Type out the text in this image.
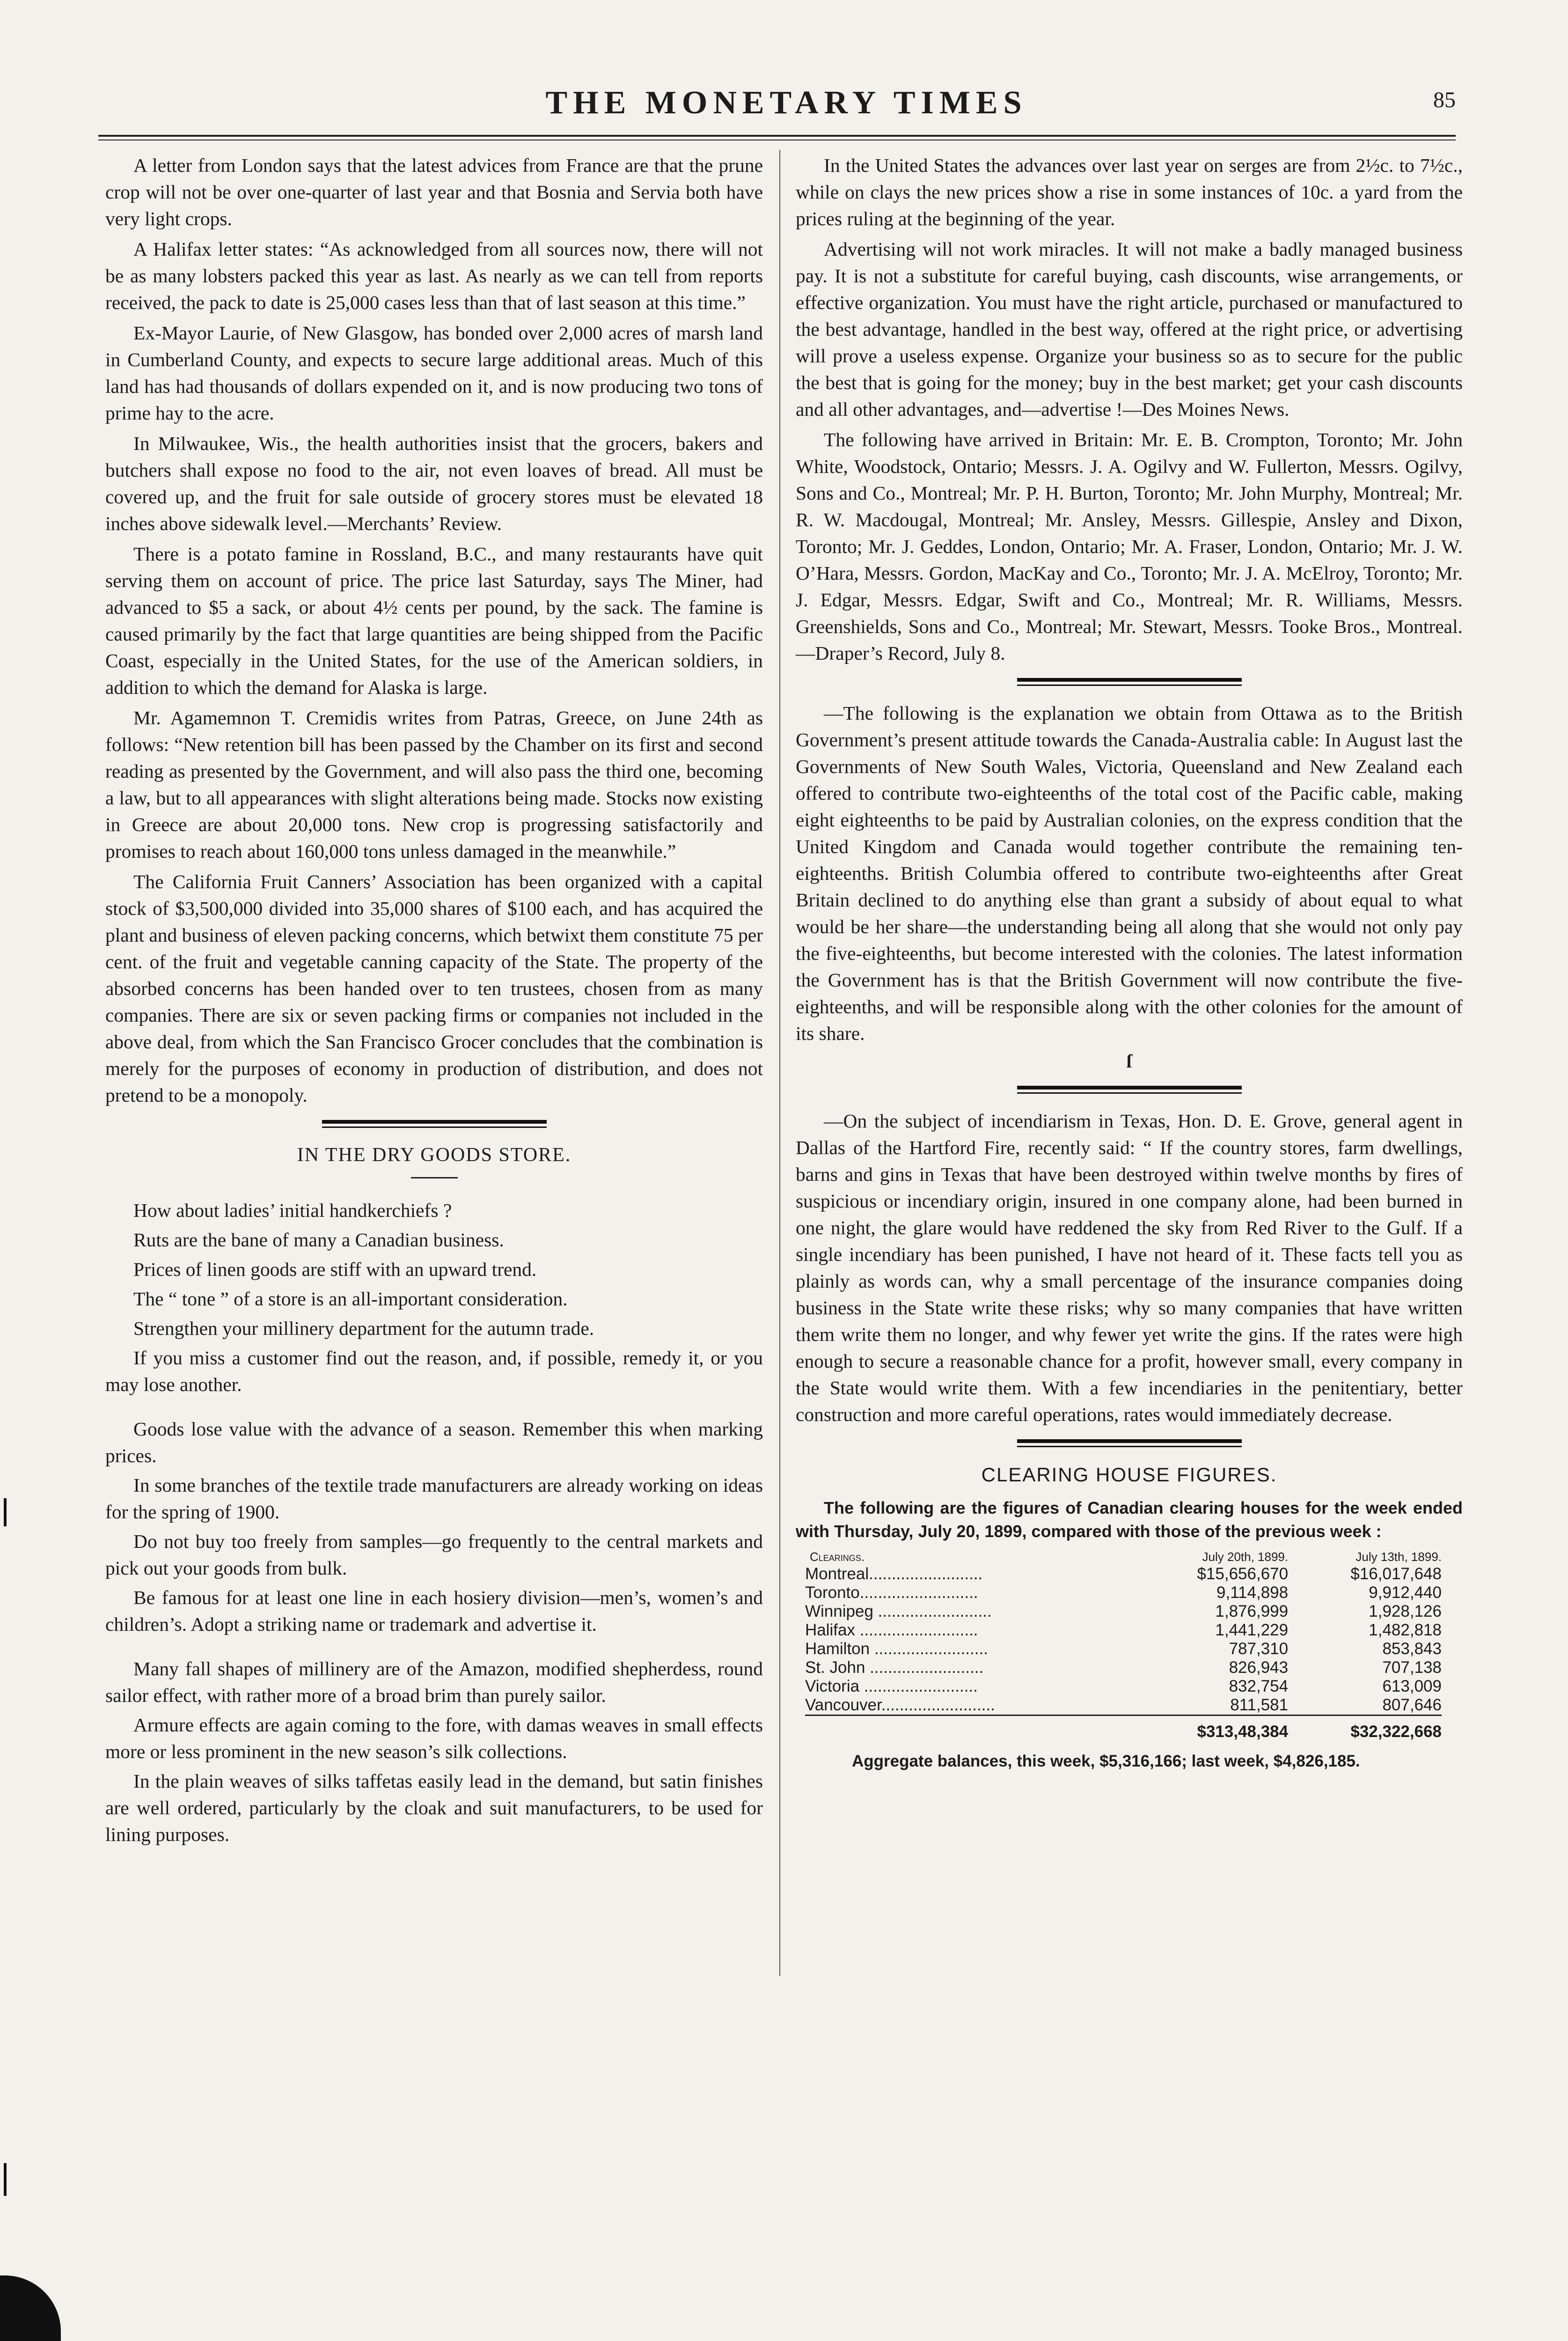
THE MONETARY TIMES	85

A letter from London says that the latest advices from France are that the prune crop will not be over one-quarter of last year and that Bosnia and Servia both have very light crops.

A Halifax letter states: “As acknowledged from all sources now, there will not be as many lobsters packed this year as last. As nearly as we can tell from reports received, the pack to date is 25,000 cases less than that of last season at this time.”

Ex-Mayor Laurie, of New Glasgow, has bonded over 2,000 acres of marsh land in Cumberland County, and expects to secure large additional areas. Much of this land has had thousands of dollars expended on it, and is now producing two tons of prime hay to the acre.

In Milwaukee, Wis., the health authorities insist that the grocers, bakers and butchers shall expose no food to the air, not even loaves of bread. All must be covered up, and the fruit for sale outside of grocery stores must be elevated 18 inches above sidewalk level.—Merchants’ Review.

There is a potato famine in Rossland, B.C., and many restaurants have quit serving them on account of price. The price last Saturday, says The Miner, had advanced to $5 a sack, or about 4½ cents per pound, by the sack. The famine is caused primarily by the fact that large quantities are being shipped from the Pacific Coast, especially in the United States, for the use of the American soldiers, in addition to which the demand for Alaska is large.

Mr. Agamemnon T. Cremidis writes from Patras, Greece, on June 24th as follows: “New retention bill has been passed by the Chamber on its first and second reading as presented by the Government, and will also pass the third one, becoming a law, but to all appearances with slight alterations being made. Stocks now existing in Greece are about 20,000 tons. New crop is progressing satisfactorily and promises to reach about 160,000 tons unless damaged in the meanwhile.”

The California Fruit Canners’ Association has been organized with a capital stock of $3,500,000 divided into 35,000 shares of $100 each, and has acquired the plant and business of eleven packing concerns, which betwixt them constitute 75 per cent. of the fruit and vegetable canning capacity of the State. The property of the absorbed concerns has been handed over to ten trustees, chosen from as many companies. There are six or seven packing firms or companies not included in the above deal, from which the San Francisco Grocer concludes that the combination is merely for the purposes of economy in production of distribution, and does not pretend to be a monopoly.

IN THE DRY GOODS STORE.

How about ladies’ initial handkerchiefs ?

Ruts are the bane of many a Canadian business.

Prices of linen goods are stiff with an upward trend.

The “ tone ” of a store is an all-important consideration.

Strengthen your millinery department for the autumn trade.

If you miss a customer find out the reason, and, if possible, remedy it, or you may lose another.

Goods lose value with the advance of a season. Remember this when marking prices.

In some branches of the textile trade manufacturers are already working on ideas for the spring of 1900.

Do not buy too freely from samples—go frequently to the central markets and pick out your goods from bulk.

Be famous for at least one line in each hosiery division—men’s, women’s and children’s. Adopt a striking name or trademark and advertise it.

Many fall shapes of millinery are of the Amazon, modified shepherdess, round sailor effect, with rather more of a broad brim than purely sailor.

Armure effects are again coming to the fore, with damas weaves in small effects more or less prominent in the new season’s silk collections.

In the plain weaves of silks taffetas easily lead in the demand, but satin finishes are well ordered, particularly by the cloak and suit manufacturers, to be used for lining purposes.

In the United States the advances over last year on serges are from 2½c. to 7½c., while on clays the new prices show a rise in some instances of 10c. a yard from the prices ruling at the beginning of the year.

Advertising will not work miracles. It will not make a badly managed business pay. It is not a substitute for careful buying, cash discounts, wise arrangements, or effective organization. You must have the right article, purchased or manufactured to the best advantage, handled in the best way, offered at the right price, or advertising will prove a useless expense. Organize your business so as to secure for the public the best that is going for the money; buy in the best market; get your cash discounts and all other advantages, and—advertise !—Des Moines News.

The following have arrived in Britain: Mr. E. B. Crompton, Toronto; Mr. John White, Woodstock, Ontario; Messrs. J. A. Ogilvy and W. Fullerton, Messrs. Ogilvy, Sons and Co., Montreal; Mr. P. H. Burton, Toronto; Mr. John Murphy, Montreal; Mr. R. W. Macdougal, Montreal; Mr. Ansley, Messrs. Gillespie, Ansley and Dixon, Toronto; Mr. J. Geddes, London, Ontario; Mr. A. Fraser, London, Ontario; Mr. J. W. O’Hara, Messrs. Gordon, MacKay and Co., Toronto; Mr. J. A. McElroy, Toronto; Mr. J. Edgar, Messrs. Edgar, Swift and Co., Montreal; Mr. R. Williams, Messrs. Greenshields, Sons and Co., Montreal; Mr. Stewart, Messrs. Tooke Bros., Montreal.—Draper’s Record, July 8.

—The following is the explanation we obtain from Ottawa as to the British Government’s present attitude towards the Canada-Australia cable: In August last the Governments of New South Wales, Victoria, Queensland and New Zealand each offered to contribute two-eighteenths of the total cost of the Pacific cable, making eight eighteenths to be paid by Australian colonies, on the express condition that the United Kingdom and Canada would together contribute the remaining ten-eighteenths. British Columbia offered to contribute two-eighteenths after Great Britain declined to do anything else than grant a subsidy of about equal to what would be her share—the understanding being all along that she would not only pay the five-eighteenths, but become interested with the colonies. The latest information the Government has is that the British Government will now contribute the five-eighteenths, and will be responsible along with the other colonies for the amount of its share.

ſ

—On the subject of incendiarism in Texas, Hon. D. E. Grove, general agent in Dallas of the Hartford Fire, recently said: “ If the country stores, farm dwellings, barns and gins in Texas that have been destroyed within twelve months by fires of suspicious or incendiary origin, insured in one company alone, had been burned in one night, the glare would have reddened the sky from Red River to the Gulf. If a single incendiary has been punished, I have not heard of it. These facts tell you as plainly as words can, why a small percentage of the insurance companies doing business in the State write these risks; why so many companies that have written them write them no longer, and why fewer yet write the gins. If the rates were high enough to secure a reasonable chance for a profit, however small, every company in the State would write them. With a few incendiaries in the penitentiary, better construction and more careful operations, rates would immediately decrease.

CLEARING HOUSE FIGURES.
The following are the figures of Canadian clearing houses for the week ended with Thursday, July 20, 1899, compared with those of the previous week :
Clearings.	July 20th, 1899.	July 13th, 1899.
Montreal.........................	$15,656,670	$16,017,648
Toronto..........................	9,114,898	9,912,440
Winnipeg .........................	1,876,999	1,928,126
Halifax ..........................	1,441,229	1,482,818
Hamilton .........................	787,310	853,843
St. John .........................	826,943	707,138
Victoria .........................	832,754	613,009
Vancouver.........................	811,581	807,646
	$313,48,384	$32,322,668
Aggregate balances, this week, $5,316,166; last week, $4,826,185.
